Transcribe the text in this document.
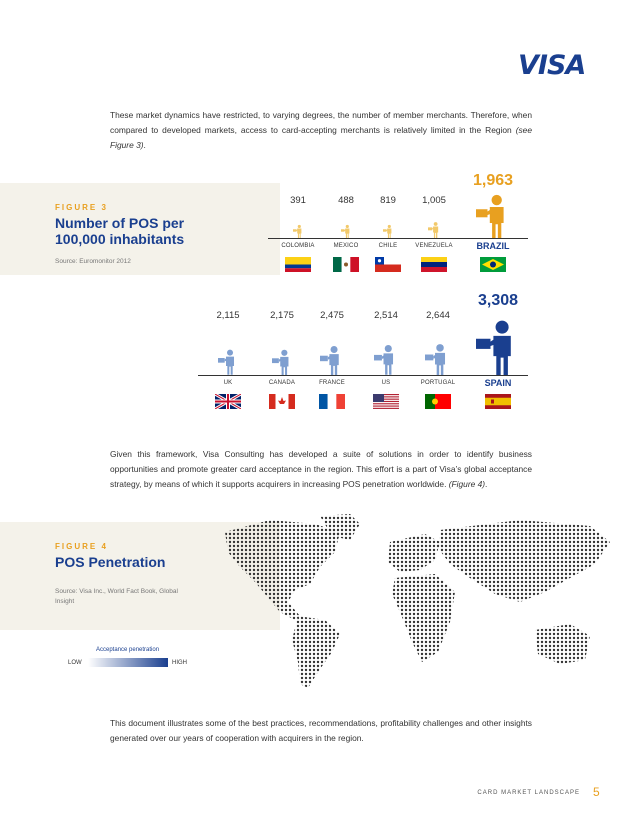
VISA
These market dynamics have restricted, to varying degrees, the number of member merchants. Therefore, when compared to developed markets, access to card-accepting merchants is relatively limited in the Region (see Figure 3).
FIGURE 3
Number of POS per
100,000 inhabitants
Source: Euromonitor 2012
391
COLOMBIA
488
MEXICO
819
CHILE
1,005
VENEZUELA
1,963
BRAZIL
2,115
UK
2,175
CANADA
2,475
FRANCE
2,514
US
2,644
PORTUGAL
3,308
SPAIN
Given this framework, Visa Consulting has developed a suite of solutions in order to identify business opportunities and promote greater card acceptance in the region. This effort is a part of Visa’s global acceptance strategy, by means of which it supports acquirers in increasing POS penetration worldwide. (Figure 4).
FIGURE 4
POS Penetration
Source: Visa Inc., World Fact Book, Global Insight
Acceptance penetration
LOW	HIGH
This document illustrates some of the best practices, recommendations, profitability challenges and other insights generated over our years of cooperation with acquirers in the region.
CARD MARKET LANDSCAPE 5
